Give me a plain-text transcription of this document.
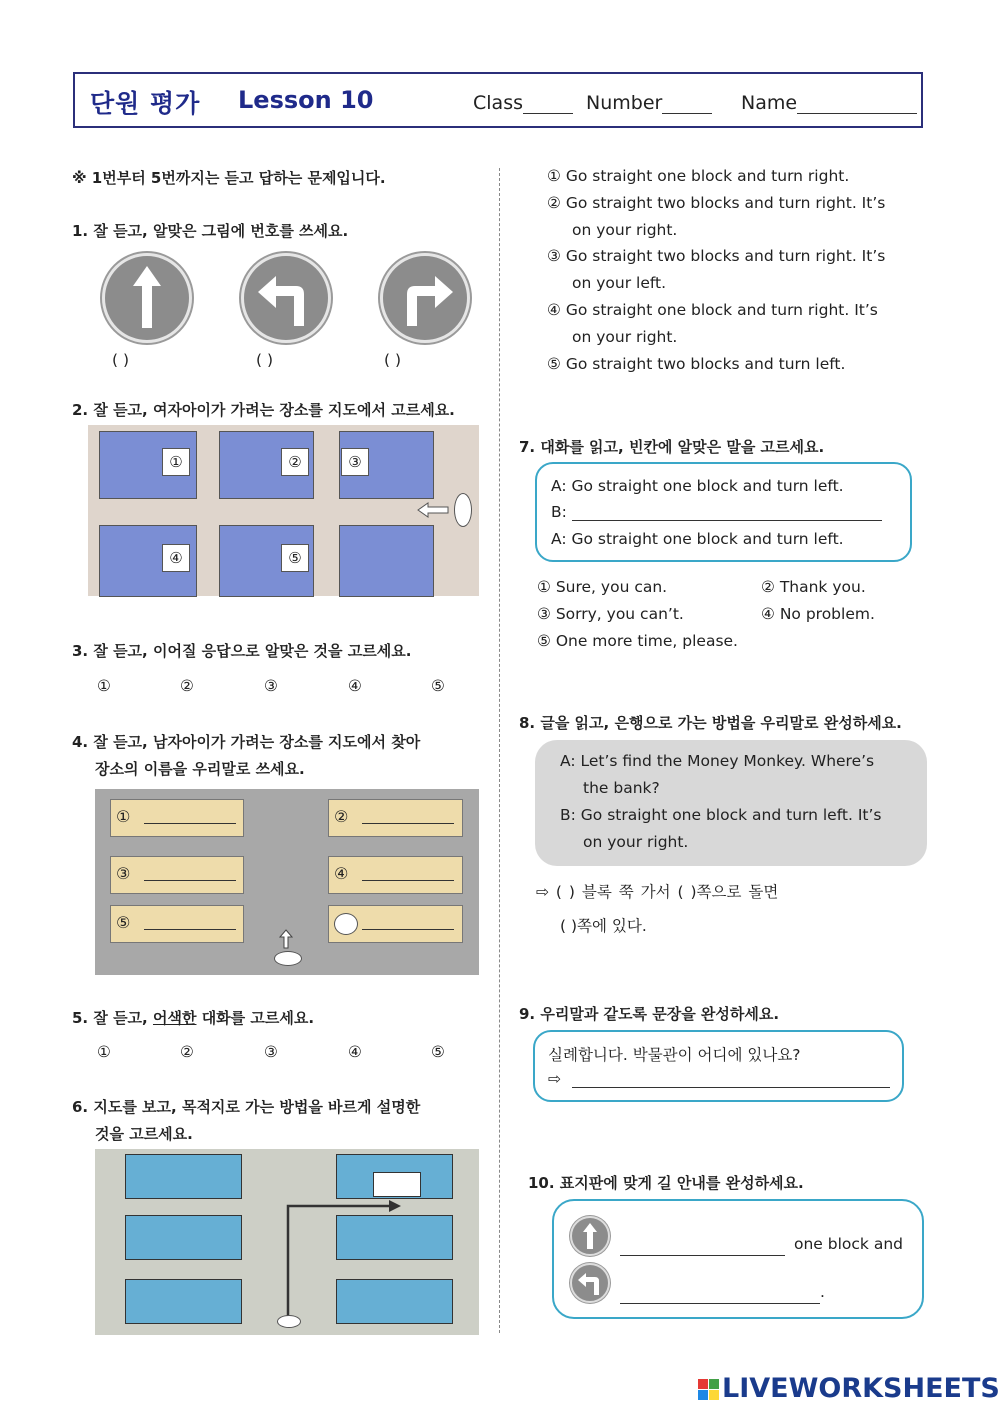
단원 평가 Lesson 10	Class	Number	Name
※ 1번부터 5번까지는 듣고 답하는 문제입니다.
1. 잘 듣고, 알맞은 그림에 번호를 쓰세요.
( )	( )	( )
2. 잘 듣고, 여자아이가 가려는 장소를 지도에서 고르세요.
①	②	③
④	⑤
3. 잘 듣고, 이어질 응답으로 알맞은 것을 고르세요.
①	②	③	④	⑤
4. 잘 듣고, 남자아이가 가려는 장소를 지도에서 찾아
장소의 이름을 우리말로 쓰세요.
①	②
③	④
⑤
5. 잘 듣고, 어색한 대화를 고르세요.
①	②	③	④	⑤
6. 지도를 보고, 목적지로 가는 방법을 바르게 설명한
것을 고르세요.
① Go straight one block and turn right.
② Go straight two blocks and turn right. It’s
on your right.
③ Go straight two blocks and turn right. It’s
on your left.
④ Go straight one block and turn right. It’s
on your right.
⑤ Go straight two blocks and turn left.
7. 대화를 읽고, 빈칸에 알맞은 말을 고르세요.
A: Go straight one block and turn left.
B:
A: Go straight one block and turn left.
① Sure, you can.	② Thank you.
③ Sorry, you can’t.	④ No problem.
⑤ One more time, please.
8. 글을 읽고, 은행으로 가는 방법을 우리말로 완성하세요.
A: Let’s find the Money Monkey. Where’s
the bank?
B: Go straight one block and turn left. It’s
on your right.
⇨ ( ) 블록 쭉 가서 ( )쪽으로 돌면
( )쪽에 있다.
9. 우리말과 같도록 문장을 완성하세요.
실례합니다. 박물관이 어디에 있나요?
⇨
10. 표지판에 맞게 길 안내를 완성하세요.
one block and
.
LIVEWORKSHEETS
